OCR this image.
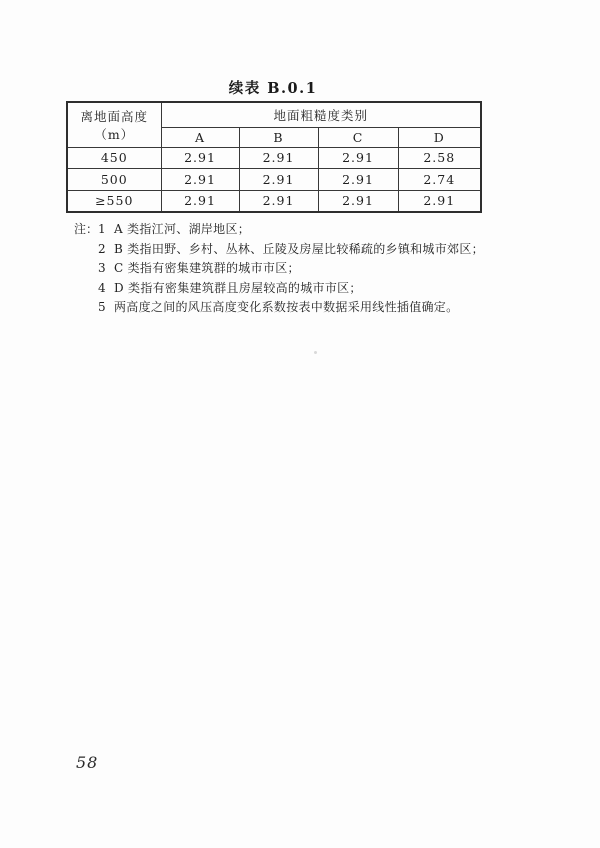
续表 B.0.1
离地面高度（m）	地面粗糙度类别			
	A	B	C	D
450	2.91	2.91	2.91	2.58
500	2.91	2.91	2.91	2.74
≥550	2.91	2.91	2.91	2.91
注： 1 A 类指江河、湖岸地区；
2 B 类指田野、乡村、丛林、丘陵及房屋比较稀疏的乡镇和城市郊区；
3 C 类指有密集建筑群的城市市区；
4 D 类指有密集建筑群且房屋较高的城市市区；
5 两高度之间的风压高度变化系数按表中数据采用线性插值确定。
58
